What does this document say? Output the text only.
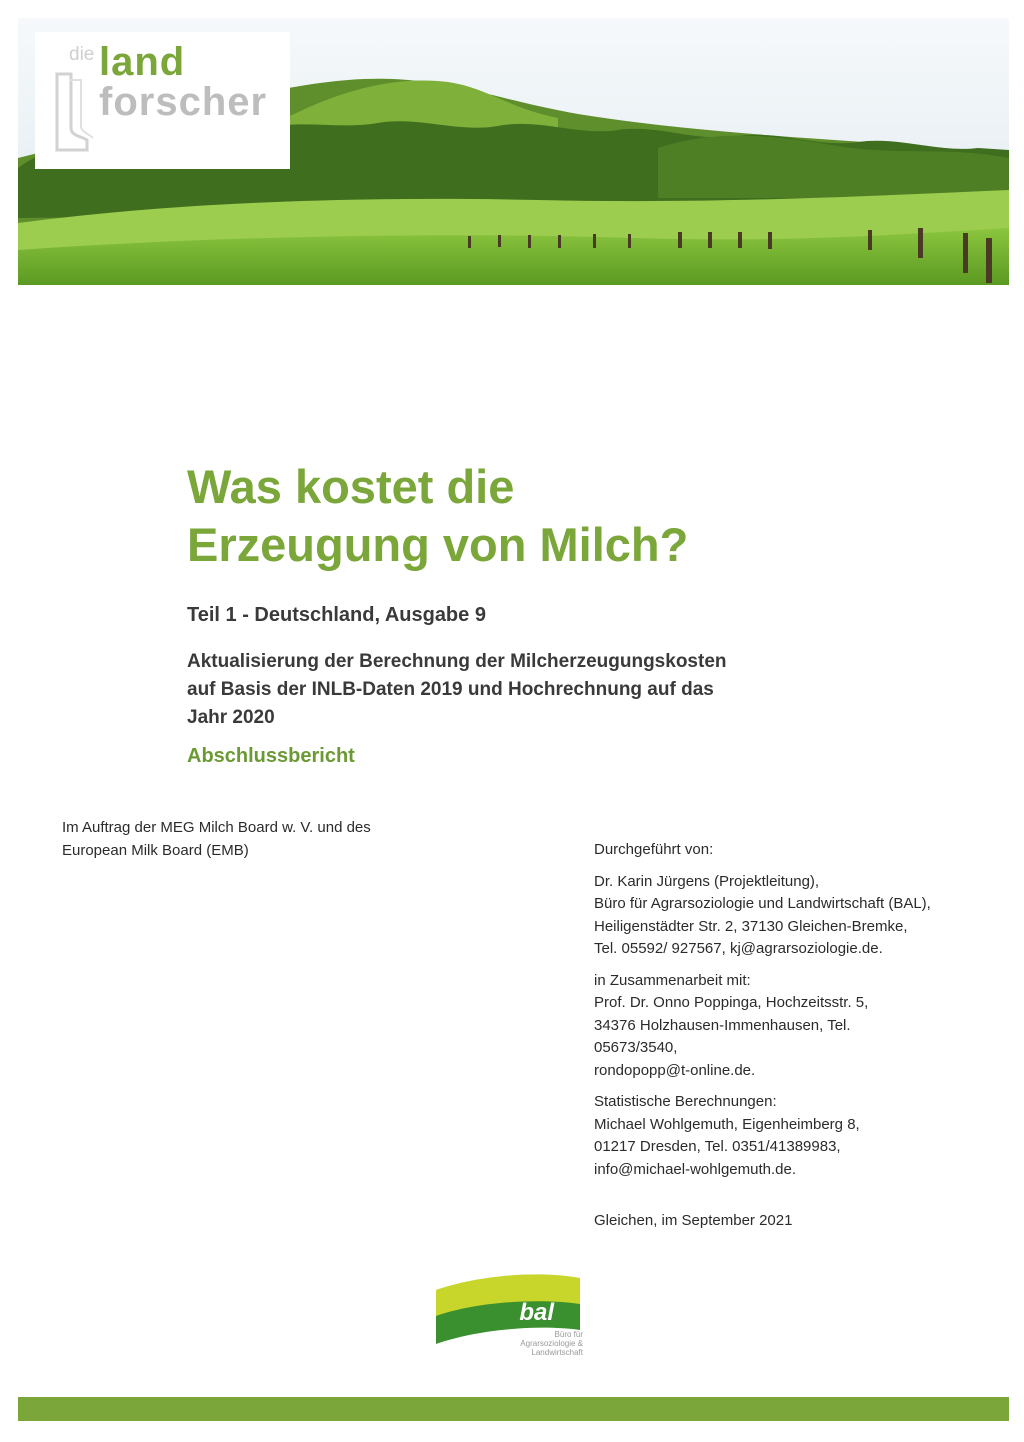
die land
forscher
Was kostet die
Erzeugung von Milch?

Teil 1 - Deutschland, Ausgabe 9

Aktualisierung der Berechnung der Milcherzeugungskosten
auf Basis der INLB-Daten 2019 und Hochrechnung auf das
Jahr 2020

Abschlussbericht

Im Auftrag der MEG Milch Board w. V. und des
European Milk Board (EMB)	Durchgeführt von:
Dr. Karin Jürgens (Projektleitung),
Büro für Agrarsoziologie und Landwirtschaft (BAL),
Heiligenstädter Str. 2, 37130 Gleichen-Bremke,
Tel. 05592/ 927567, kj@agrarsoziologie.de.
in Zusammenarbeit mit:
Prof. Dr. Onno Poppinga, Hochzeitsstr. 5,
34376 Holzhausen-Immenhausen, Tel.
05673/3540,
rondopopp@t-online.de.
Statistische Berechnungen:
Michael Wohlgemuth, Eigenheimberg 8,
01217 Dresden, Tel. 0351/41389983,
info@michael-wohlgemuth.de.
Gleichen, im September 2021
bal
Büro für
Agrarsoziologie &
Landwirtschaft
